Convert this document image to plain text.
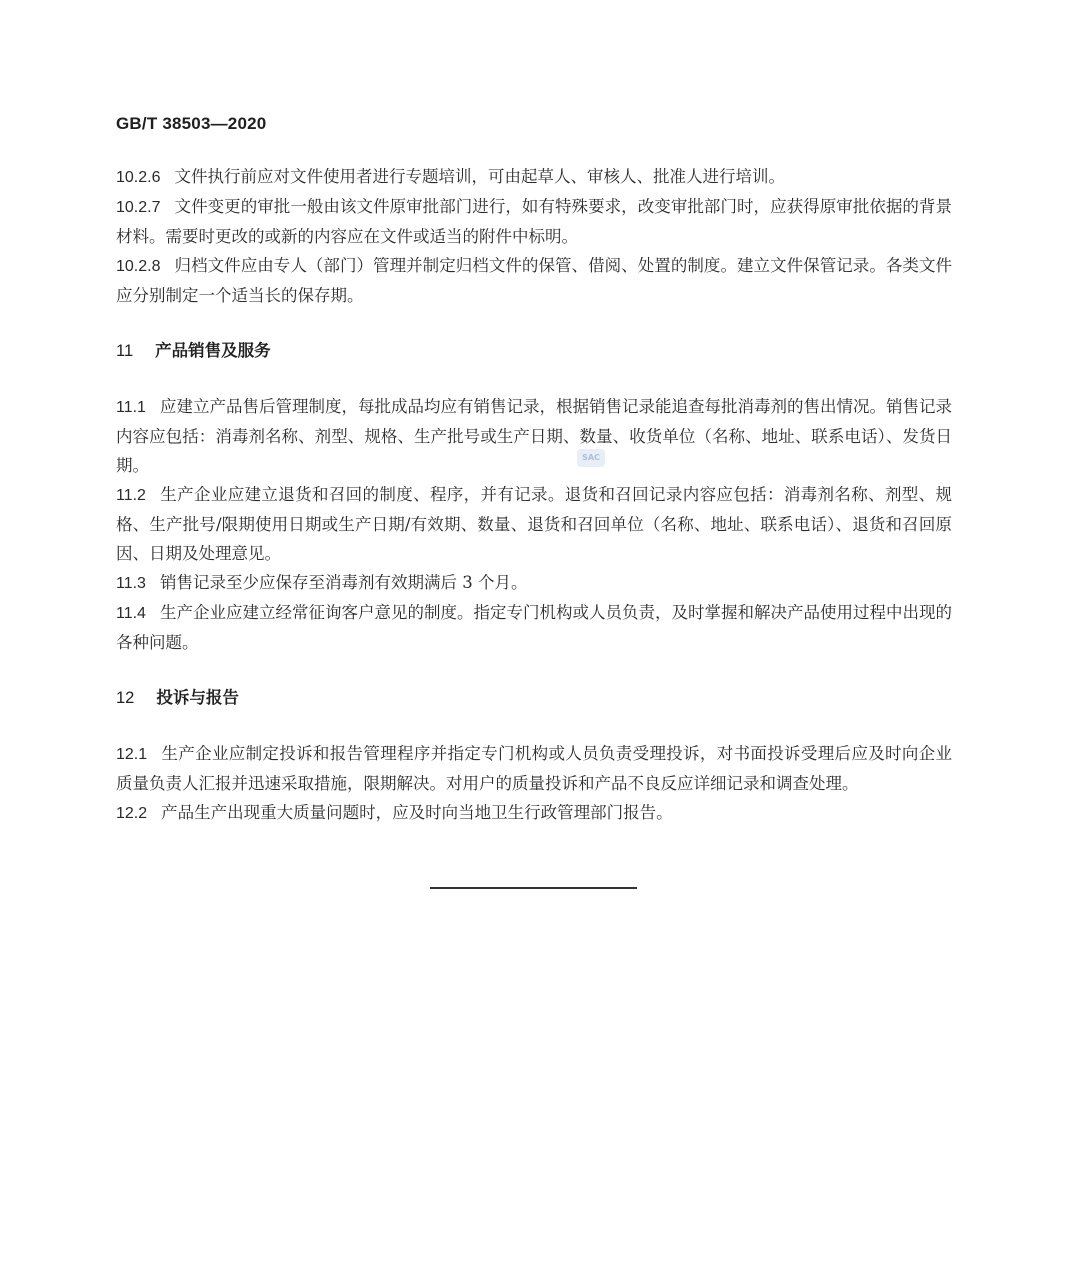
GB/T 38503—2020
SAC

10.2.6 文件执行前应对文件使用者进行专题培训，可由起草人、审核人、批准人进行培训。

10.2.7 文件变更的审批一般由该文件原审批部门进行，如有特殊要求，改变审批部门时，应获得原审批依据的背景材料。需要时更改的或新的内容应在文件或适当的附件中标明。

10.2.8 归档文件应由专人（部门）管理并制定归档文件的保管、借阅、处置的制度。建立文件保管记录。各类文件应分别制定一个适当长的保存期。

11 产品销售及服务

11.1 应建立产品售后管理制度，每批成品均应有销售记录，根据销售记录能追查每批消毒剂的售出情况。销售记录内容应包括：消毒剂名称、剂型、规格、生产批号或生产日期、数量、收货单位（名称、地址、联系电话）、发货日期。

11.2 生产企业应建立退货和召回的制度、程序，并有记录。退货和召回记录内容应包括：消毒剂名称、剂型、规格、生产批号/限期使用日期或生产日期/有效期、数量、退货和召回单位（名称、地址、联系电话）、退货和召回原因、日期及处理意见。

11.3 销售记录至少应保存至消毒剂有效期满后 3 个月。

11.4 生产企业应建立经常征询客户意见的制度。指定专门机构或人员负责，及时掌握和解决产品使用过程中出现的各种问题。

12 投诉与报告

12.1 生产企业应制定投诉和报告管理程序并指定专门机构或人员负责受理投诉，对书面投诉受理后应及时向企业质量负责人汇报并迅速采取措施，限期解决。对用户的质量投诉和产品不良反应详细记录和调查处理。

12.2 产品生产出现重大质量问题时，应及时向当地卫生行政管理部门报告。
